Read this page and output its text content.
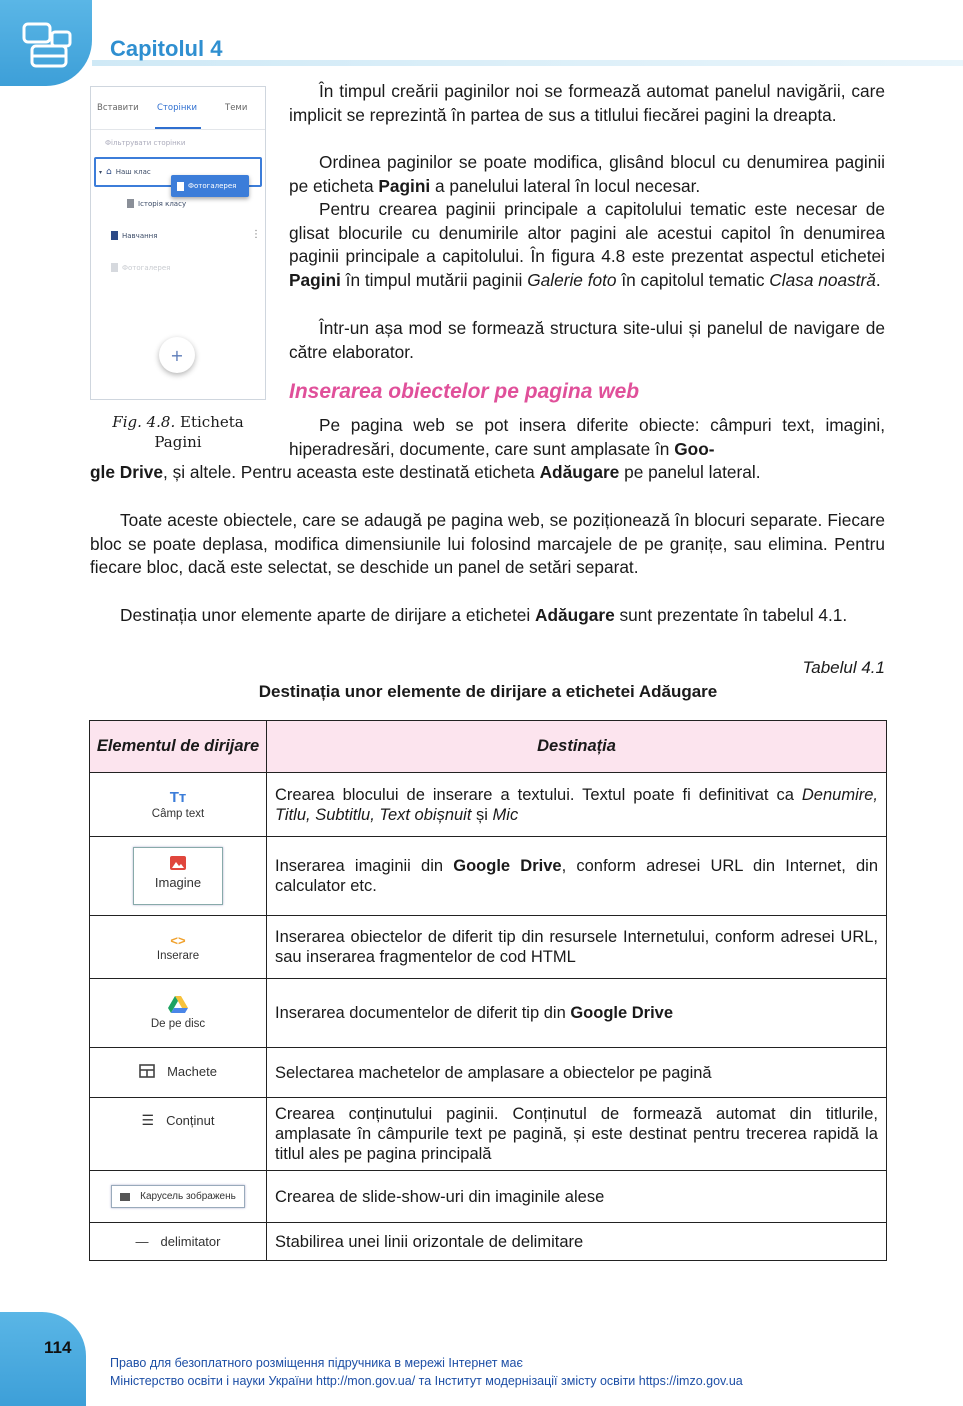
Capitolul 4
Вставити Сторінки	Теми
Фільтрувати сторінки
▾ ⌂ Наш клас
Фотогалерея
Історія класу
Навчання	⋮
Фотогалерея
+
Fig. 4.8. Eticheta Pagini
În timpul creării paginilor noi se formează automat panelul navigării, care implicit se reprezintă în partea de sus a titlului fiecărei pagini la dreapta.
Ordinea paginilor se poate modifica, glisând blocul cu denumirea paginii pe eticheta Pagini a panelului lateral în locul necesar.
Pentru crearea paginii principale a capitolului tematic este necesar de glisat blocurile cu denumirile altor pagini ale acestui capitol în denumirea paginii principale a capitolului. În figura 4.8 este prezentat aspectul etichetei Pagini în timpul mutării paginii Galerie foto în capitolul tematic Clasa noastră.
Într-un așa mod se formează structura site-ului și panelul de navigare de către elaborator.
Inserarea obiectelor pe pagina web
Pe pagina web se pot insera diferite obiecte: câmpuri text, imagini, hiperadresări, documente, care sunt amplasate în Goo-
gle Drive, și altele. Pentru aceasta este destinată eticheta Adăugare pe panelul lateral.
Toate aceste obiectele, care se adaugă pe pagina web, se poziționează în blocuri separate. Fiecare bloc se poate deplasa, modifica dimensiunile lui folosind marcajele de pe granițe, sau elimina. Pentru fiecare bloc, dacă este selectat, se deschide un panel de setări separat.
Destinația unor elemente aparte de dirijare a etichetei Adăugare sunt prezentate în tabelul 4.1.
Tabelul 4.1
Destinația unor elemente de dirijare a etichetei Adăugare
Elementul de dirijare	Destinația
Tт
Câmp text	Crearea blocului de inserare a textului. Textul poate fi definitivat ca Denumire, Titlu, Subtitlu, Text obișnuit și Mic

Imagine	Inserarea imaginii din Google Drive, conform adresei URL din Internet, din calculator etc.
<>
Inserare	Inserarea obiectelor de diferit tip din resursele Internetului, conform adresei URL, sau inserarea fragmentelor de cod HTML

De pe disc	Inserarea documentelor de diferit tip din Google Drive

Machete	Selectarea machetelor de amplasare a obiectelor pe pagină

☰ Conținut	Crearea conținutului paginii. Conținutul de formează automat din titlurile, amplasate în câmpurile text pe pagină, și este destinat pentru trecerea rapidă la titlul ales pe pagina principală

Карусель зображень	Crearea de slide-show-uri din imaginile alese

— delimitator	Stabilirea unei linii orizontale de delimitare
114
Право для безоплатного розміщення підручника в мережі Інтернет має
Міністерство освіти і науки України http://mon.gov.ua/ та Інститут модернізації змісту освіти https://imzo.gov.ua
